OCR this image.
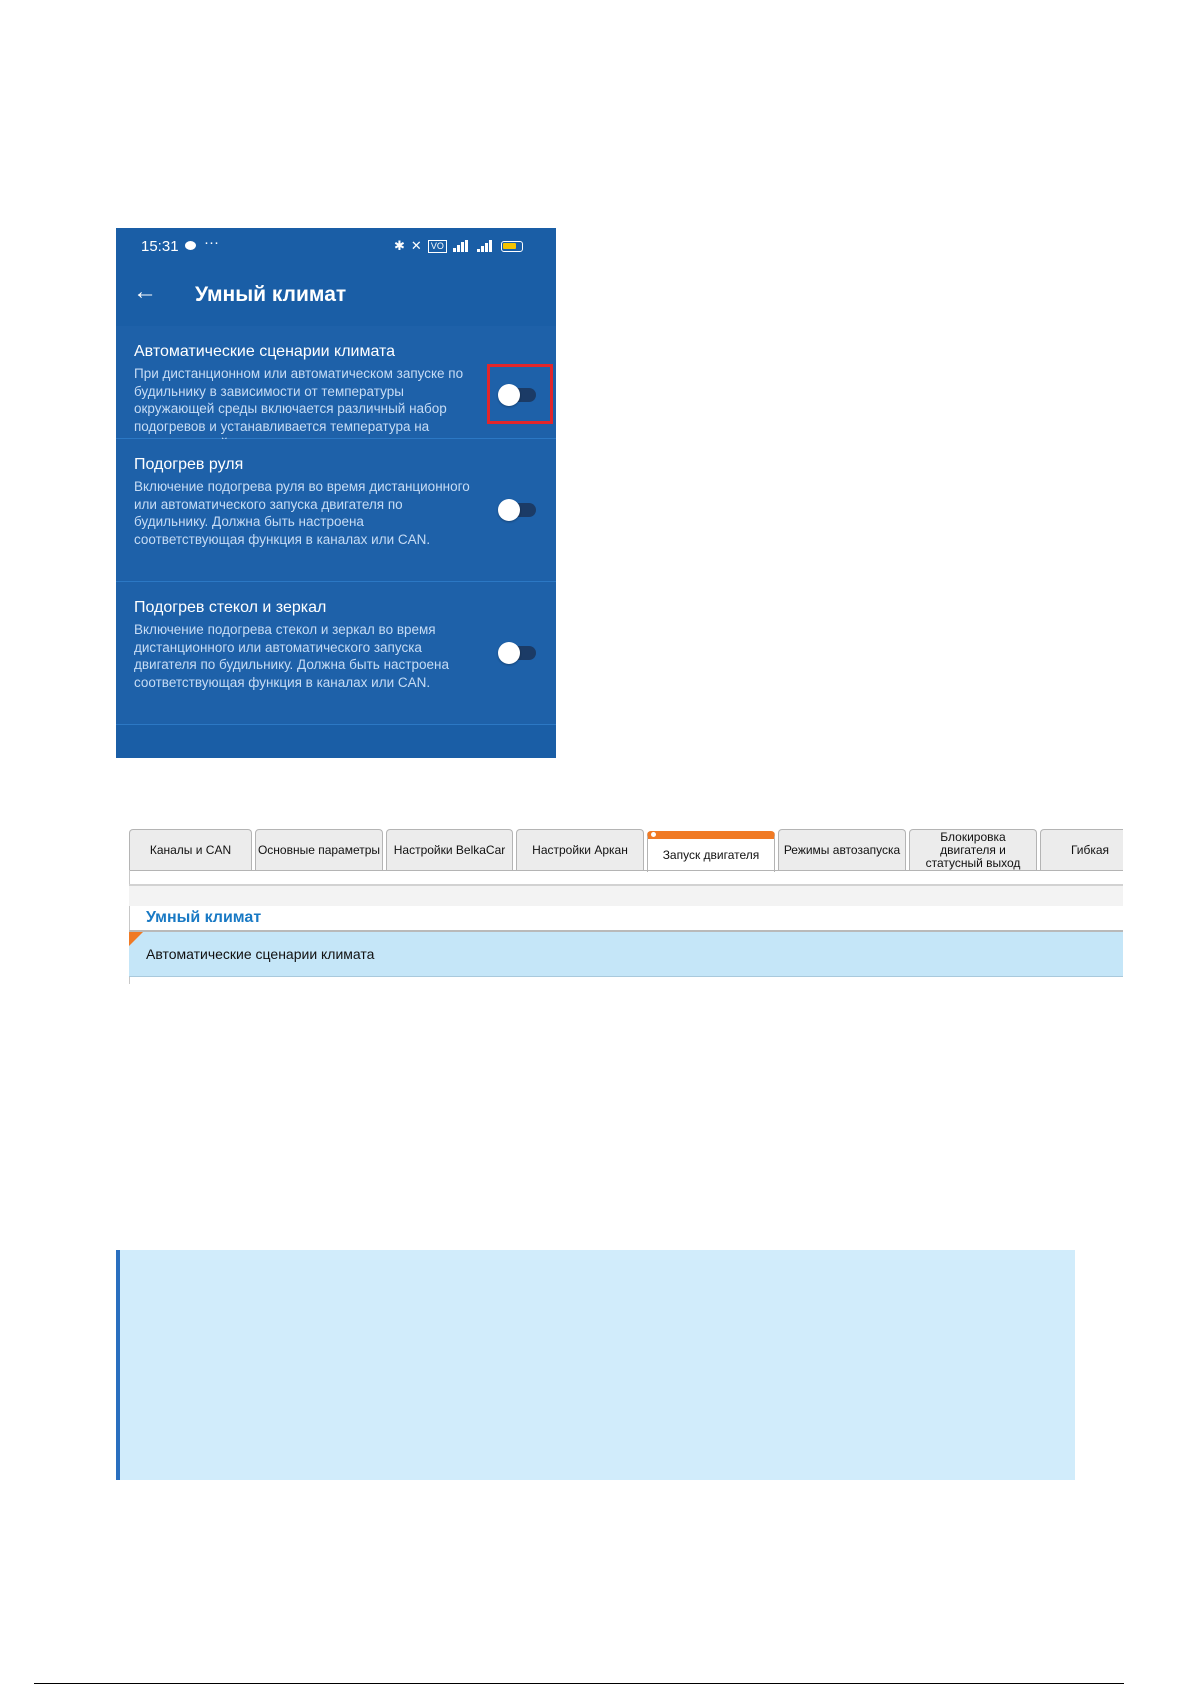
15:31 ···	✱ ✕	VO
← Умный климат
Автоматические сценарии климата
При дистанционном или автоматическом запуске по будильнику в зависимости от температуры окружающей среды включается различный набор подогревов и устанавливается температура на
Подогрев руля
Включение подогрева руля во время дистанционного или автоматического запуска двигателя по будильнику. Должна быть настроена соответствующая функция в каналах или CAN.
Подогрев стекол и зеркал
Включение подогрева стекол и зеркал во время дистанционного или автоматического запуска двигателя по будильнику. Должна быть настроена соответствующая функция в каналах или CAN.
Каналы и CAN Основные параметры Настройки BelkaCar Настройки Аркан	Запуск двигателя Режимы автозапуска
Блокировка двигателя и статусный выход
Гибкая
Умный климат
Автоматические сценарии климата
